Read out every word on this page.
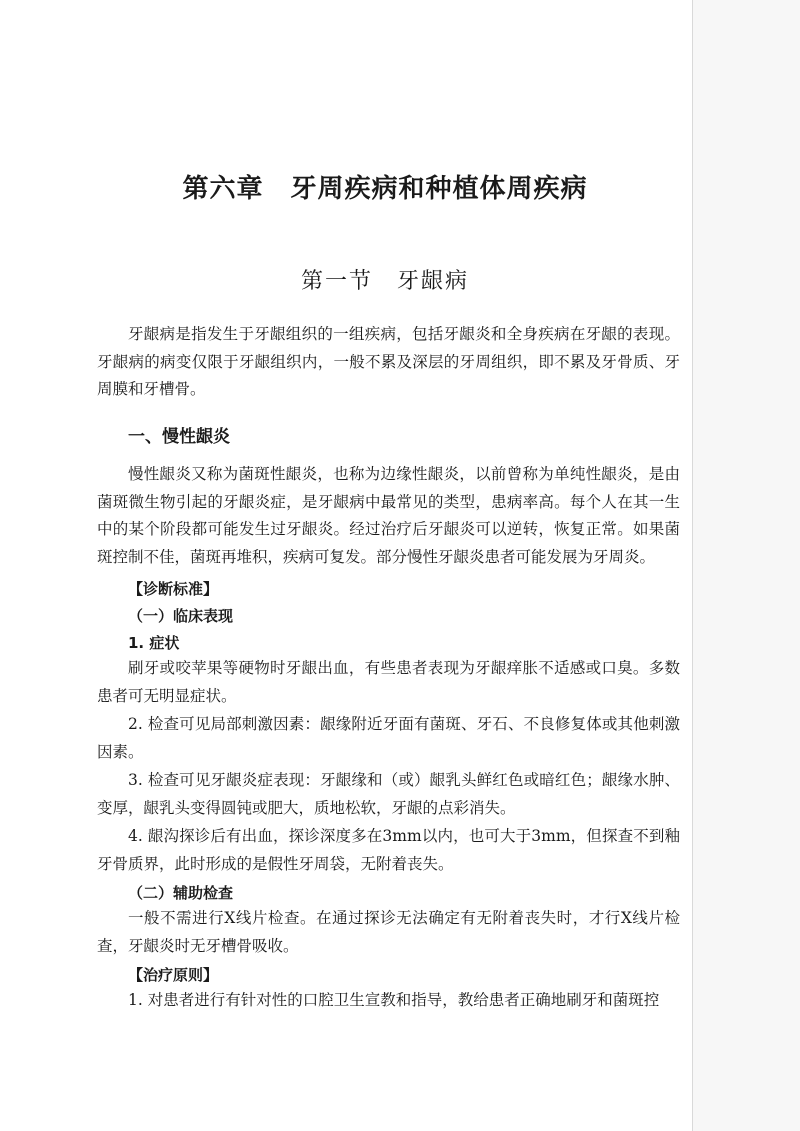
第六章　牙周疾病和种植体周疾病
第一节　牙龈病

牙龈病是指发生于牙龈组织的一组疾病，包括牙龈炎和全身疾病在牙龈的表现。牙龈病的病变仅限于牙龈组织内，一般不累及深层的牙周组织，即不累及牙骨质、牙周膜和牙槽骨。

一、慢性龈炎

慢性龈炎又称为菌斑性龈炎，也称为边缘性龈炎，以前曾称为单纯性龈炎，是由菌斑微生物引起的牙龈炎症，是牙龈病中最常见的类型，患病率高。每个人在其一生中的某个阶段都可能发生过牙龈炎。经过治疗后牙龈炎可以逆转，恢复正常。如果菌斑控制不佳，菌斑再堆积，疾病可复发。部分慢性牙龈炎患者可能发展为牙周炎。

【诊断标准】

（一）临床表现

1. 症状

刷牙或咬苹果等硬物时牙龈出血，有些患者表现为牙龈痒胀不适感或口臭。多数患者可无明显症状。

2. 检查可见局部刺激因素：龈缘附近牙面有菌斑、牙石、不良修复体或其他刺激因素。

3. 检查可见牙龈炎症表现：牙龈缘和（或）龈乳头鲜红色或暗红色；龈缘水肿、变厚，龈乳头变得圆钝或肥大，质地松软，牙龈的点彩消失。

4. 龈沟探诊后有出血，探诊深度多在3mm以内，也可大于3mm，但探查不到釉牙骨质界，此时形成的是假性牙周袋，无附着丧失。

（二）辅助检查

一般不需进行X线片检查。在通过探诊无法确定有无附着丧失时，才行X线片检查，牙龈炎时无牙槽骨吸收。

【治疗原则】

1. 对患者进行有针对性的口腔卫生宣教和指导，教给患者正确地刷牙和菌斑控
